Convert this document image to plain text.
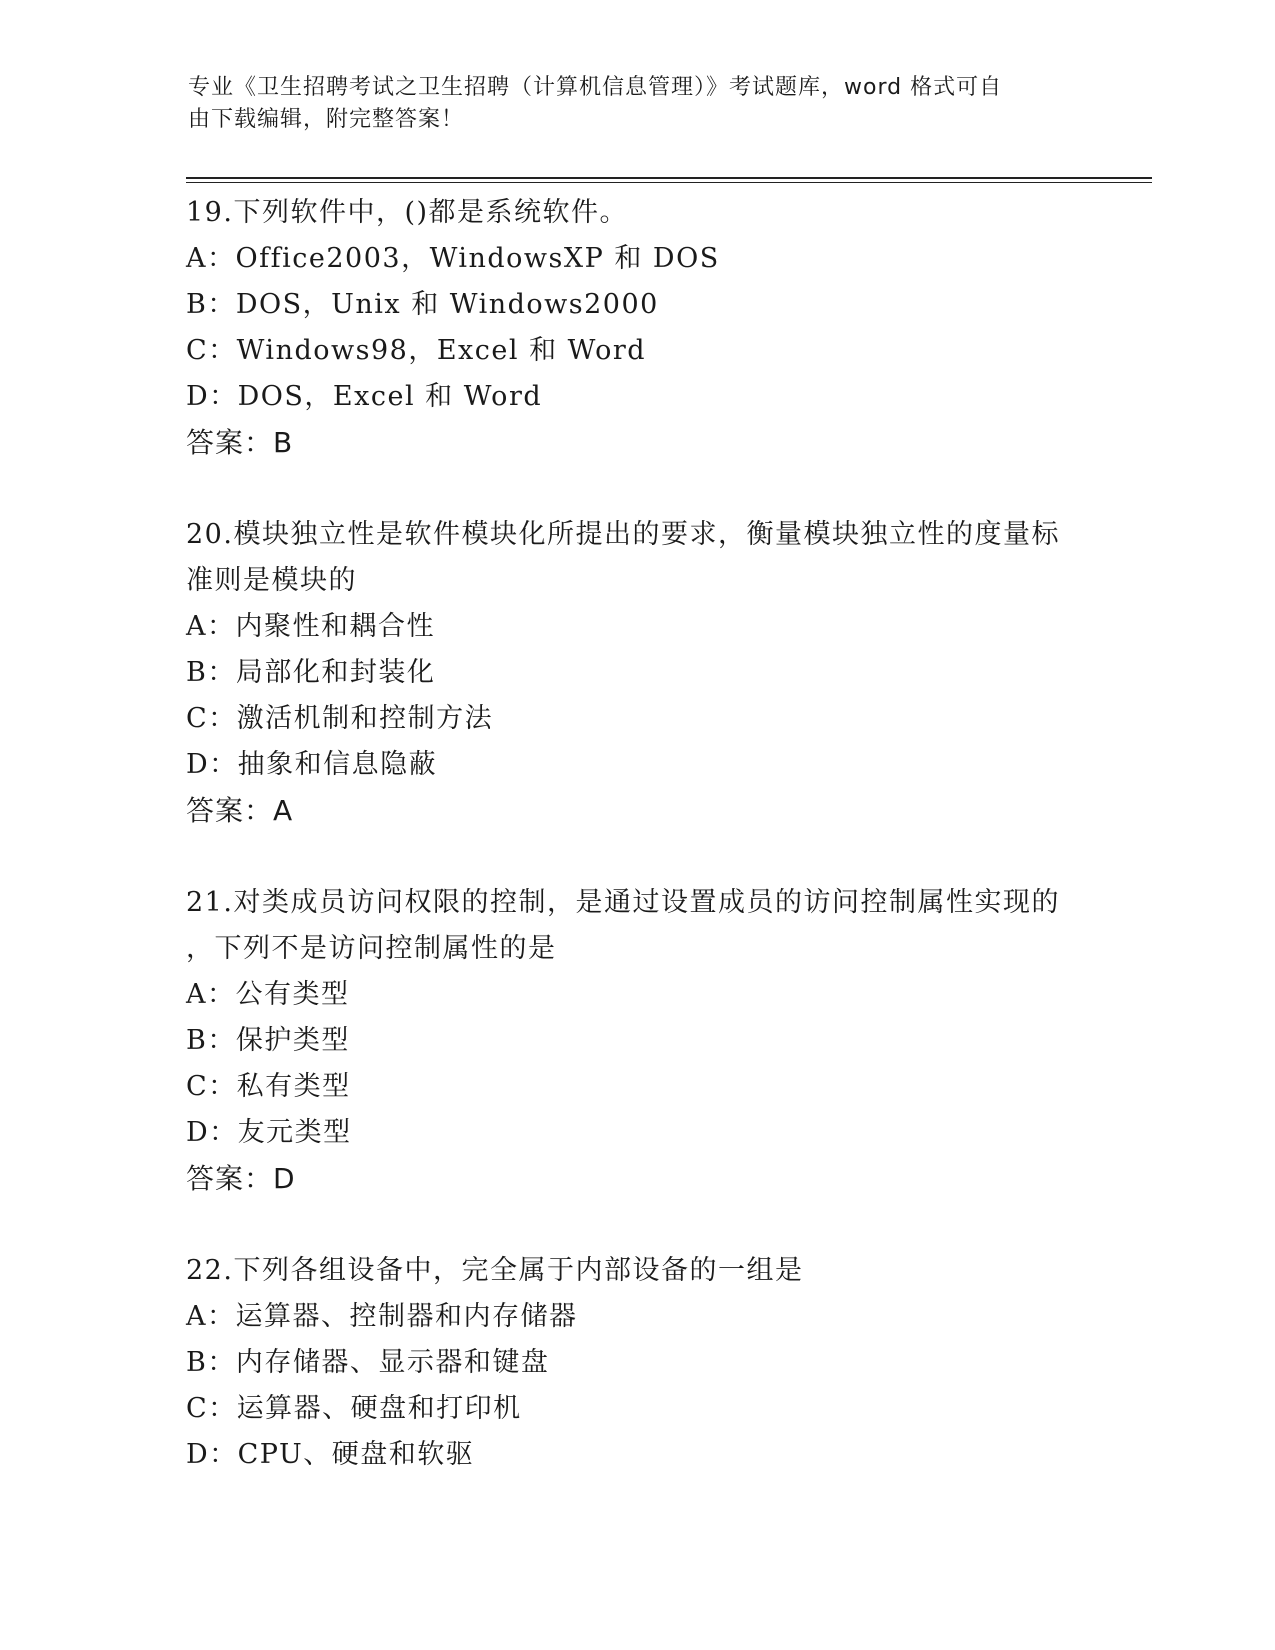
专业《卫生招聘考试之卫生招聘（计算机信息管理）》考试题库，word 格式可自
由下载编辑，附完整答案！
19.下列软件中，()都是系统软件。
A：Office2003，WindowsXP 和 DOS
B：DOS，Unix 和 Windows2000
C：Windows98，Excel 和 Word
D：DOS，Excel 和 Word
答案：B
20.模块独立性是软件模块化所提出的要求，衡量模块独立性的度量标
准则是模块的
A：内聚性和耦合性
B：局部化和封装化
C：激活机制和控制方法
D：抽象和信息隐蔽
答案：A
21.对类成员访问权限的控制，是通过设置成员的访问控制属性实现的
，下列不是访问控制属性的是
A：公有类型
B：保护类型
C：私有类型
D：友元类型
答案：D
22.下列各组设备中，完全属于内部设备的一组是
A：运算器、控制器和内存储器
B：内存储器、显示器和键盘
C：运算器、硬盘和打印机
D：CPU、硬盘和软驱
